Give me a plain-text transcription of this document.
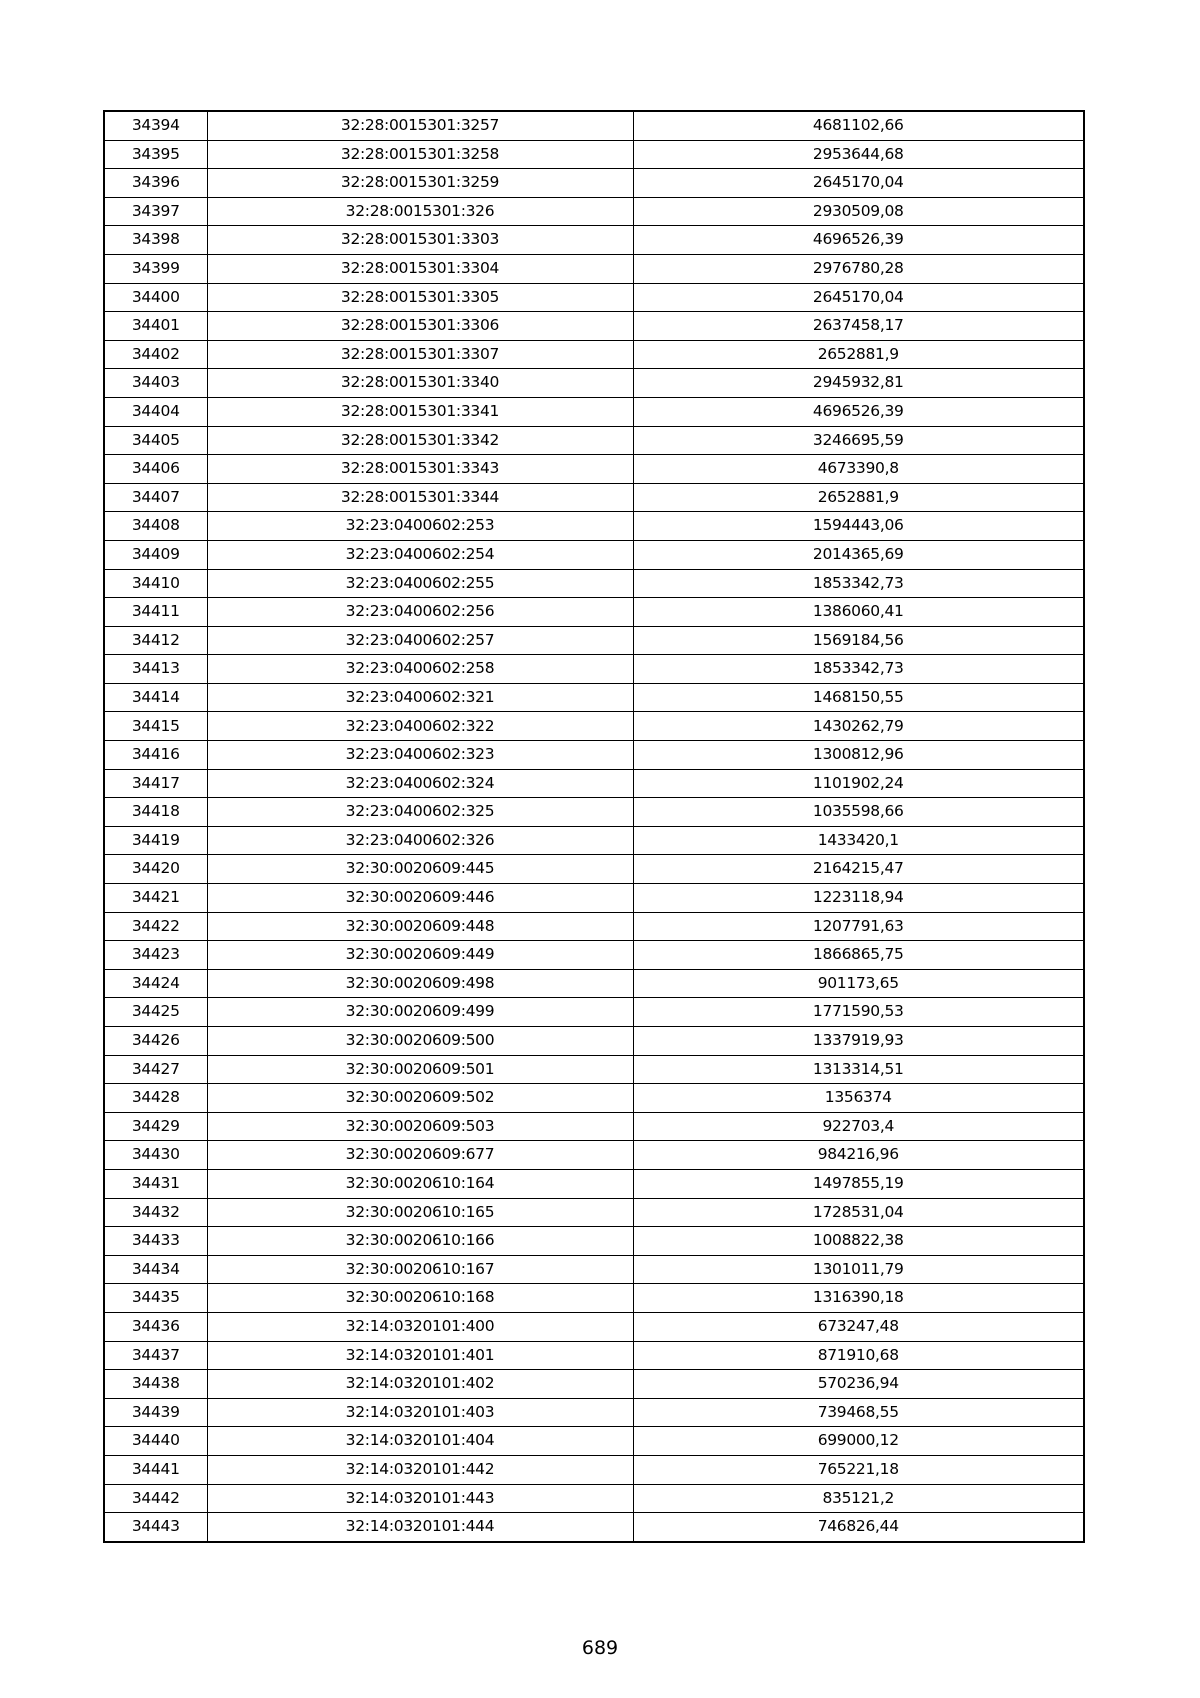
34394	32:28:0015301:3257	4681102,66
34395	32:28:0015301:3258	2953644,68
34396	32:28:0015301:3259	2645170,04
34397	32:28:0015301:326	2930509,08
34398	32:28:0015301:3303	4696526,39
34399	32:28:0015301:3304	2976780,28
34400	32:28:0015301:3305	2645170,04
34401	32:28:0015301:3306	2637458,17
34402	32:28:0015301:3307	2652881,9
34403	32:28:0015301:3340	2945932,81
34404	32:28:0015301:3341	4696526,39
34405	32:28:0015301:3342	3246695,59
34406	32:28:0015301:3343	4673390,8
34407	32:28:0015301:3344	2652881,9
34408	32:23:0400602:253	1594443,06
34409	32:23:0400602:254	2014365,69
34410	32:23:0400602:255	1853342,73
34411	32:23:0400602:256	1386060,41
34412	32:23:0400602:257	1569184,56
34413	32:23:0400602:258	1853342,73
34414	32:23:0400602:321	1468150,55
34415	32:23:0400602:322	1430262,79
34416	32:23:0400602:323	1300812,96
34417	32:23:0400602:324	1101902,24
34418	32:23:0400602:325	1035598,66
34419	32:23:0400602:326	1433420,1
34420	32:30:0020609:445	2164215,47
34421	32:30:0020609:446	1223118,94
34422	32:30:0020609:448	1207791,63
34423	32:30:0020609:449	1866865,75
34424	32:30:0020609:498	901173,65
34425	32:30:0020609:499	1771590,53
34426	32:30:0020609:500	1337919,93
34427	32:30:0020609:501	1313314,51
34428	32:30:0020609:502	1356374
34429	32:30:0020609:503	922703,4
34430	32:30:0020609:677	984216,96
34431	32:30:0020610:164	1497855,19
34432	32:30:0020610:165	1728531,04
34433	32:30:0020610:166	1008822,38
34434	32:30:0020610:167	1301011,79
34435	32:30:0020610:168	1316390,18
34436	32:14:0320101:400	673247,48
34437	32:14:0320101:401	871910,68
34438	32:14:0320101:402	570236,94
34439	32:14:0320101:403	739468,55
34440	32:14:0320101:404	699000,12
34441	32:14:0320101:442	765221,18
34442	32:14:0320101:443	835121,2
34443	32:14:0320101:444	746826,44
689
